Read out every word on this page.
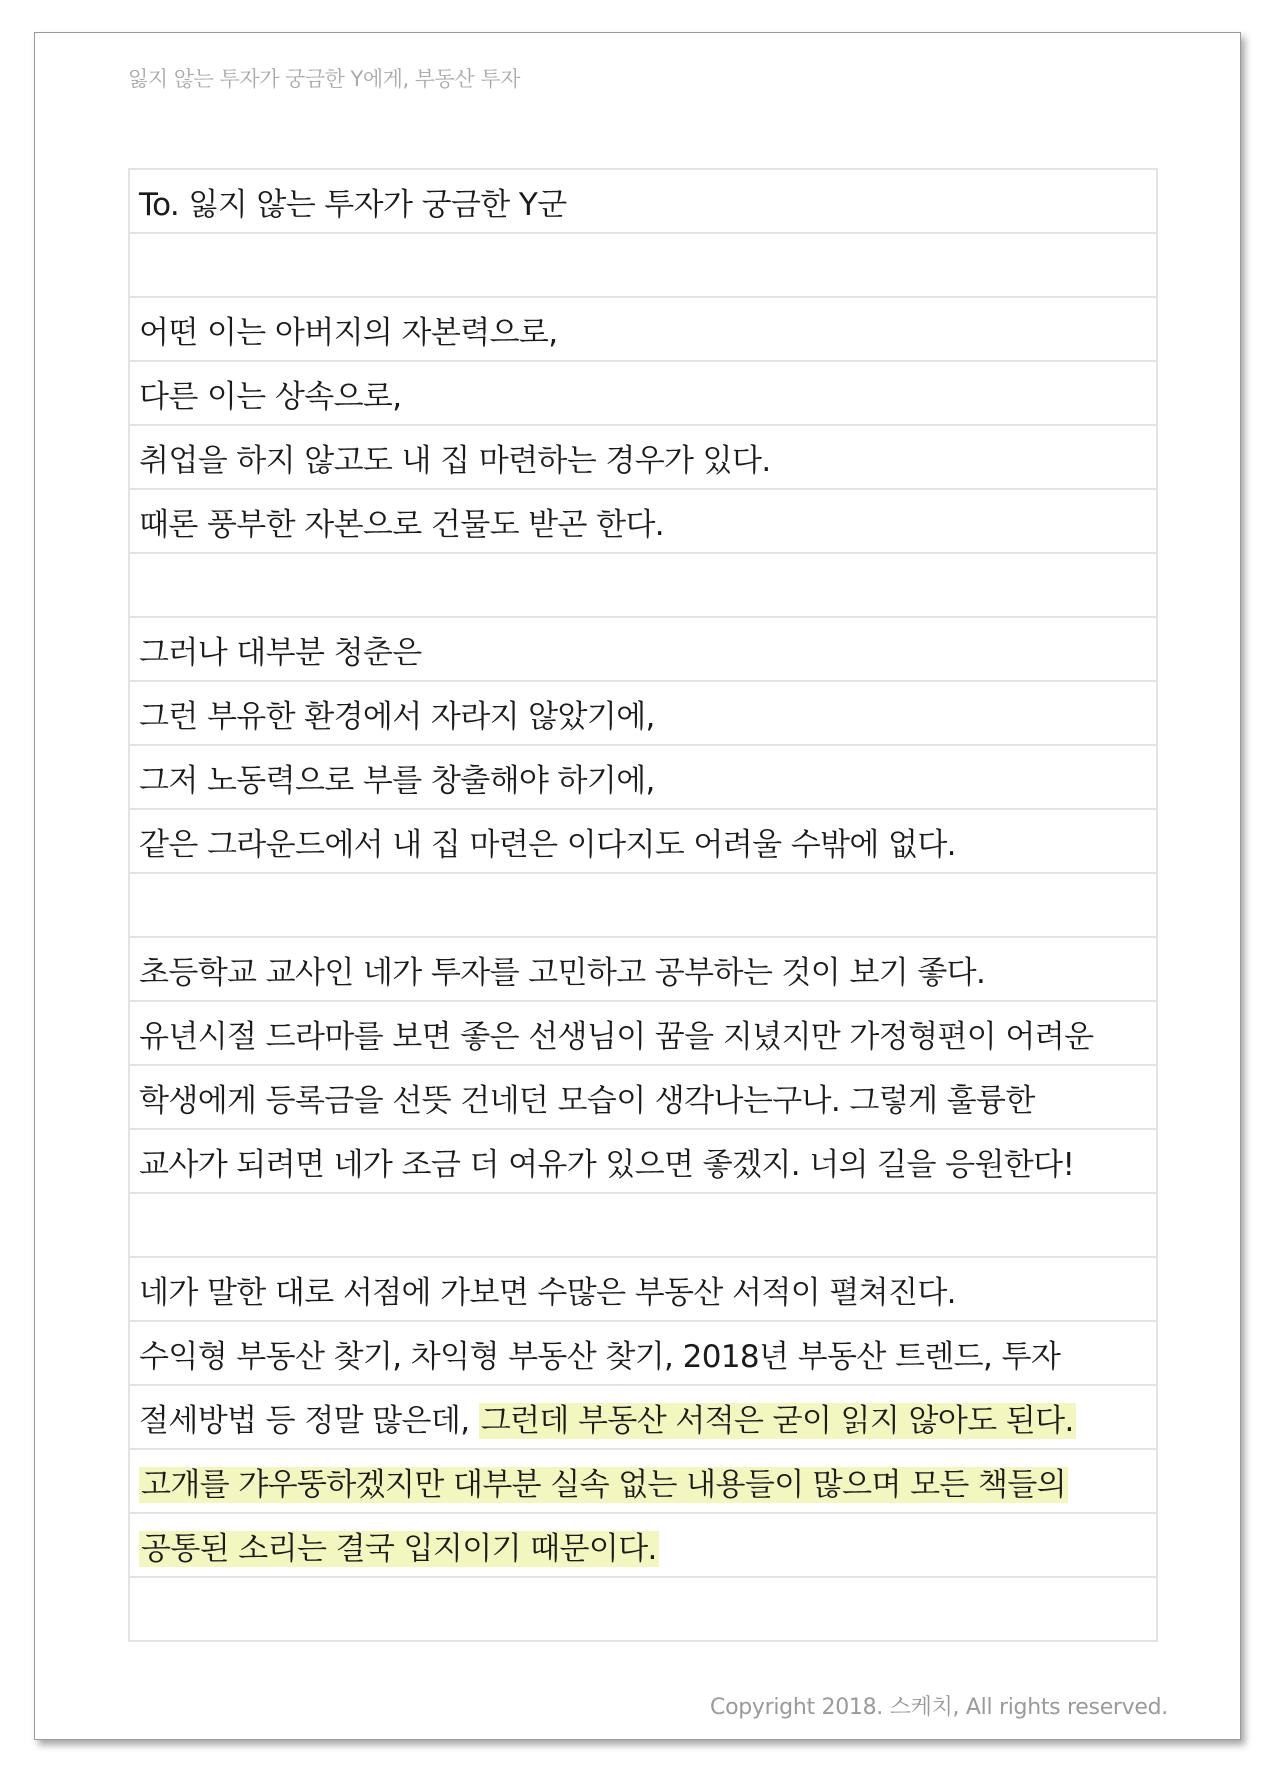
잃지 않는 투자가 궁금한 Y에게, 부동산 투자
To. 잃지 않는 투자가 궁금한 Y군
어떤 이는 아버지의 자본력으로,
다른 이는 상속으로,
취업을 하지 않고도 내 집 마련하는 경우가 있다.
때론 풍부한 자본으로 건물도 받곤 한다.
그러나 대부분 청춘은
그런 부유한 환경에서 자라지 않았기에,
그저 노동력으로 부를 창출해야 하기에,
같은 그라운드에서 내 집 마련은 이다지도 어려울 수밖에 없다.
초등학교 교사인 네가 투자를 고민하고 공부하는 것이 보기 좋다.
유년시절 드라마를 보면 좋은 선생님이 꿈을 지녔지만 가정형편이 어려운
학생에게 등록금을 선뜻 건네던 모습이 생각나는구나. 그렇게 훌륭한
교사가 되려면 네가 조금 더 여유가 있으면 좋겠지. 너의 길을 응원한다!
네가 말한 대로 서점에 가보면 수많은 부동산 서적이 펼쳐진다.
수익형 부동산 찾기, 차익형 부동산 찾기, 2018년 부동산 트렌드, 투자
절세방법 등 정말 많은데, 그런데 부동산 서적은 굳이 읽지 않아도 된다.
고개를 갸우뚱하겠지만 대부분 실속 없는 내용들이 많으며 모든 책들의
공통된 소리는 결국 입지이기 때문이다.
Copyright 2018. 스케치, All rights reserved.
